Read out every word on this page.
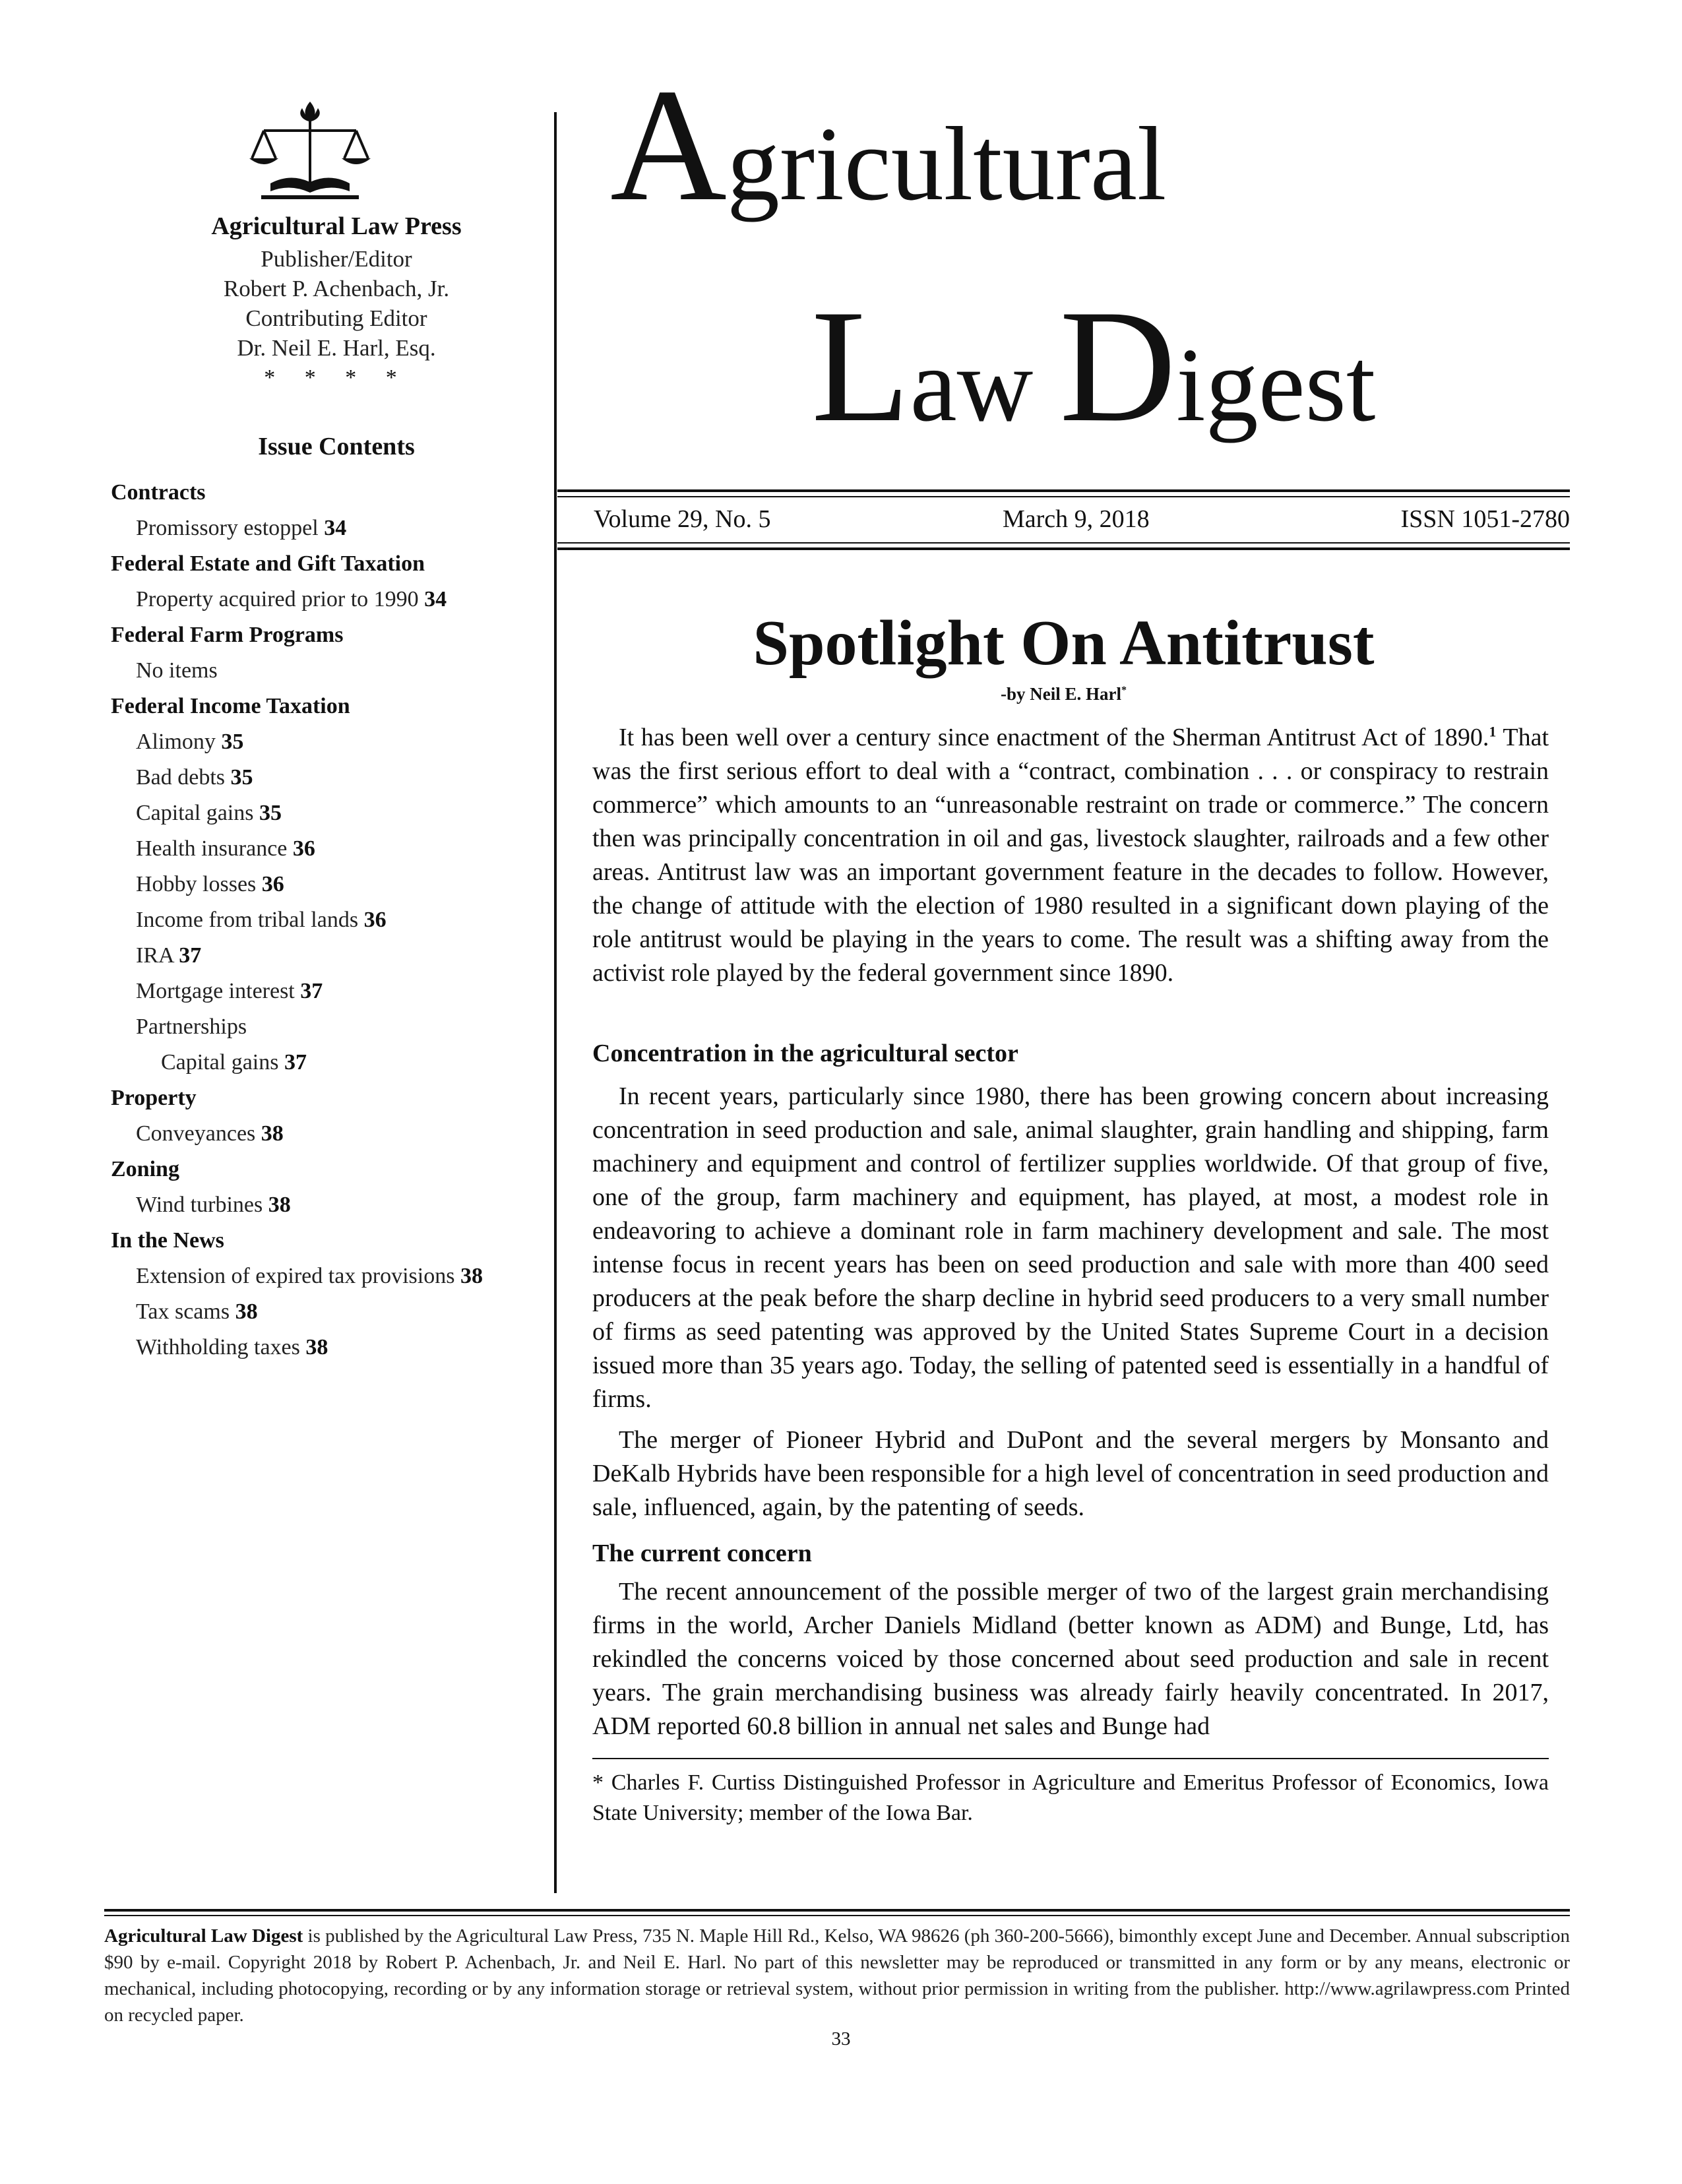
Agricultural Law Press
Publisher/Editor
Robert P. Achenbach, Jr.
Contributing Editor
Dr. Neil E. Harl, Esq.
* * * *
Issue Contents
Contracts
Promissory estoppel 34
Federal Estate and Gift Taxation
Property acquired prior to 1990 34
Federal Farm Programs
No items
Federal Income Taxation
Alimony 35
Bad debts 35
Capital gains 35
Health insurance 36
Hobby losses 36
Income from tribal lands 36
IRA 37
Mortgage interest 37
Partnerships
Capital gains 37
Property
Conveyances 38
Zoning
Wind turbines 38
In the News
Extension of expired tax provisions 38
Tax scams 38
Withholding taxes 38
Agricultural
Law Digest
Volume 29, No. 5	March 9, 2018	ISSN 1051-2780
Spotlight On Antitrust
-by Neil E. Harl*

It has been well over a century since enactment of the Sherman Antitrust Act of 1890.$^1$ That was the first serious effort to deal with a “contract, combination . . . or conspiracy to restrain commerce” which amounts to an “unreasonable restraint on trade or commerce.” The concern then was principally concentration in oil and gas, livestock slaughter, railroads and a few other areas. Antitrust law was an important government feature in the decades to follow. However, the change of attitude with the election of 1980 resulted in a significant down playing of the role antitrust would be playing in the years to come. The result was a shifting away from the activist role played by the federal government since 1890.

Concentration in the agricultural sector

In recent years, particularly since 1980, there has been growing concern about increasing concentration in seed production and sale, animal slaughter, grain handling and shipping, farm machinery and equipment and control of fertilizer supplies worldwide. Of that group of five, one of the group, farm machinery and equipment, has played, at most, a modest role in endeavoring to achieve a dominant role in farm machinery development and sale. The most intense focus in recent years has been on seed production and sale with more than 400 seed producers at the peak before the sharp decline in hybrid seed producers to a very small number of firms as seed patenting was approved by the United States Supreme Court in a decision issued more than 35 years ago. Today, the selling of patented seed is essentially in a handful of firms.

The merger of Pioneer Hybrid and DuPont and the several mergers by Monsanto and DeKalb Hybrids have been responsible for a high level of concentration in seed production and sale, influenced, again, by the patenting of seeds.

The current concern

The recent announcement of the possible merger of two of the largest grain merchandising firms in the world, Archer Daniels Midland (better known as ADM) and Bunge, Ltd, has rekindled the concerns voiced by those concerned about seed production and sale in recent years. The grain merchandising business was already fairly heavily concentrated. In 2017, ADM reported 60.8 billion in annual net sales and Bunge had

* Charles F. Curtiss Distinguished Professor in Agriculture and Emeritus Professor of Economics, Iowa State University; member of the Iowa Bar.

Agricultural Law Digest is published by the Agricultural Law Press, 735 N. Maple Hill Rd., Kelso, WA 98626 (ph 360-200-5666), bimonthly except June and December. Annual subscription $90 by e-mail. Copyright 2018 by Robert P. Achenbach, Jr. and Neil E. Harl. No part of this newsletter may be reproduced or transmitted in any form or by any means, electronic or mechanical, including photocopying, recording or by any information storage or retrieval system, without prior permission in writing from the publisher. http://www.agrilawpress.com Printed on recycled paper.

33
